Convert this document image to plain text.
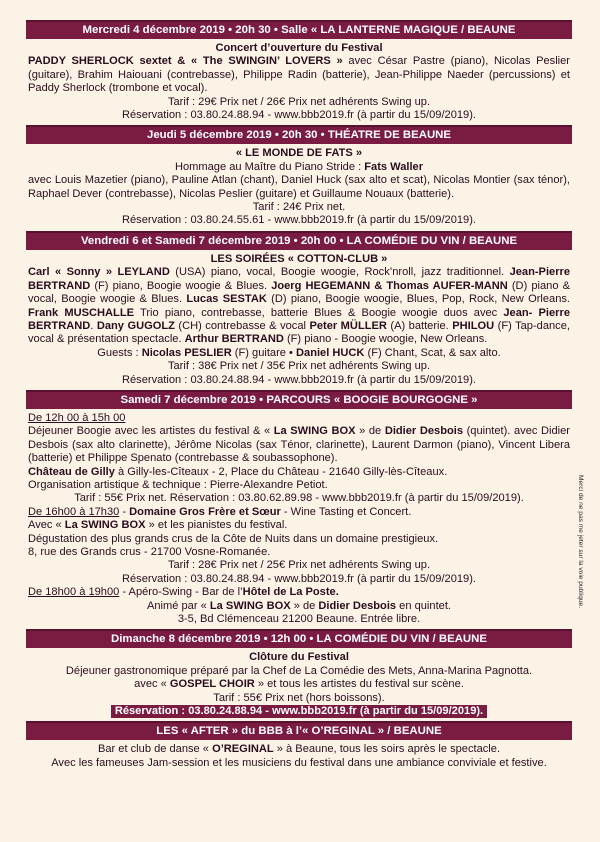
Mercredi 4 décembre 2019 • 20h 30 • Salle « LA LANTERNE MAGIQUE / BEAUNE
Concert d’ouverture du Festival
PADDY SHERLOCK sextet & « The SWINGIN’ LOVERS » avec César Pastre (piano), Nicolas Peslier (guitare), Brahim Haiouani (contrebasse), Philippe Radin (batterie), Jean-Philippe Naeder (percussions) et Paddy Sherlock (trombone et vocal).
Tarif : 29€ Prix net / 26€ Prix net adhérents Swing up.
Réservation : 03.80.24.88.94 - www.bbb2019.fr (à partir du 15/09/2019).
Jeudi 5 décembre 2019 • 20h 30 • THÉATRE DE BEAUNE
« LE MONDE DE FATS »
Hommage au Maître du Piano Stride : Fats Waller
avec Louis Mazetier (piano), Pauline Atlan (chant), Daniel Huck (sax alto et scat), Nicolas Montier (sax ténor), Raphael Dever (contrebasse), Nicolas Peslier (guitare) et Guillaume Nouaux (batterie).
Tarif : 24€ Prix net.
Réservation : 03.80.24.55.61 - www.bbb2019.fr (à partir du 15/09/2019).
Vendredi 6 et Samedi 7 décembre 2019 • 20h 00 • LA COMÉDIE DU VIN / BEAUNE
LES SOIRÉES « COTTON-CLUB »
Carl « Sonny » LEYLAND (USA) piano, vocal, Boogie woogie, Rock’nroll, jazz traditionnel. Jean-Pierre BERTRAND (F) piano, Boogie woogie & Blues. Joerg HEGEMANN & Thomas AUFER-MANN (D) piano & vocal, Boogie woogie & Blues. Lucas SESTAK (D) piano, Boogie woogie, Blues, Pop, Rock, New Orleans. Frank MUSCHALLE Trio piano, contrebasse, batterie Blues & Boogie woogie duos avec Jean- Pierre BERTRAND. Dany GUGOLZ (CH) contrebasse & vocal Peter MÜLLER (A) batterie. PHILOU (F) Tap-dance, vocal & présentation spectacle. Arthur BERTRAND (F) piano - Boogie woogie, New Orleans.
Guests : Nicolas PESLIER (F) guitare • Daniel HUCK (F) Chant, Scat, & sax alto.
Tarif : 38€ Prix net / 35€ Prix net adhérents Swing up.
Réservation : 03.80.24.88.94 - www.bbb2019.fr (à partir du 15/09/2019).
Samedi 7 décembre 2019 • PARCOURS « BOOGIE BOURGOGNE »
De 12h 00 à 15h 00
Déjeuner Boogie avec les artistes du festival & « La SWING BOX » de Didier Desbois (quintet). avec Didier Desbois (sax alto clarinette), Jérôme Nicolas (sax Ténor, clarinette), Laurent Darmon (piano), Vincent Libera (batterie) et Philippe Spenato (contrebasse & soubassophone).
Château de Gilly à Gilly-les-Cîteaux - 2, Place du Château - 21640 Gilly-lès-Cîteaux.
Organisation artistique & technique : Pierre-Alexandre Petiot.
Tarif : 55€ Prix net. Réservation : 03.80.62.89.98 - www.bbb2019.fr (à partir du 15/09/2019).
De 16h00 à 17h30 - Domaine Gros Frère et Sœur - Wine Tasting et Concert.
Avec « La SWING BOX » et les pianistes du festival.
Dégustation des plus grands crus de la Côte de Nuits dans un domaine prestigieux.
8, rue des Grands crus - 21700 Vosne-Romanée.
Tarif : 28€ Prix net / 25€ Prix net adhérents Swing up.
Réservation : 03.80.24.88.94 - www.bbb2019.fr (à partir du 15/09/2019).
De 18h00 à 19h00 - Apéro-Swing - Bar de l’Hôtel de La Poste.
Animé par « La SWING BOX » de Didier Desbois en quintet.
3-5, Bd Clémenceau 21200 Beaune. Entrée libre.
Dimanche 8 décembre 2019 • 12h 00 • LA COMÉDIE DU VIN / BEAUNE
Clôture du Festival
Déjeuner gastronomique préparé par la Chef de La Comédie des Mets, Anna-Marina Pagnotta.
avec « GOSPEL CHOIR » et tous les artistes du festival sur scène.
Tarif : 55€ Prix net (hors boissons).
Réservation : 03.80.24.88.94 - www.bbb2019.fr (à partir du 15/09/2019).
LES « AFTER » du BBB à l’« O’REGINAL » / BEAUNE
Bar et club de danse « O’REGINAL » à Beaune, tous les soirs après le spectacle.
Avec les fameuses Jam-session et les musiciens du festival dans une ambiance conviviale et festive.
Merci de ne pas me jeter sur la voie publique.
